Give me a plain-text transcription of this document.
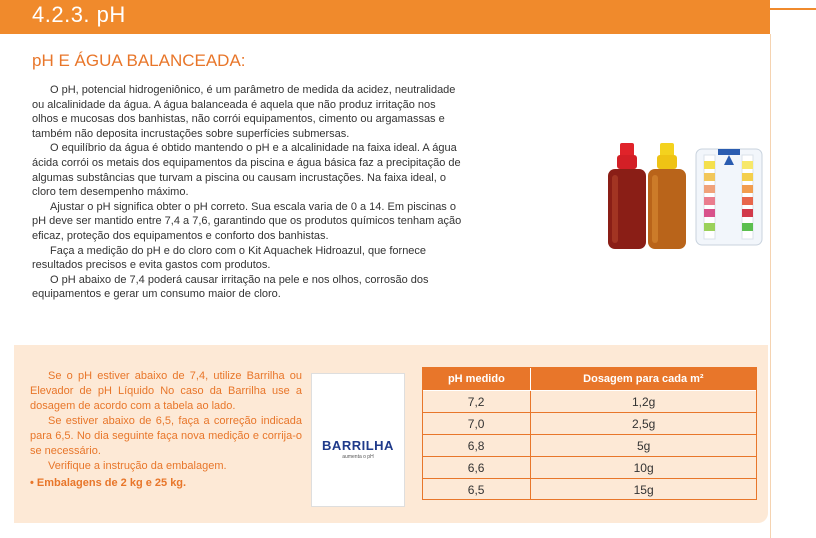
4.2.3. pH
pH E ÁGUA BALANCEADA:

O pH, potencial hidrogeniônico, é um parâmetro de medida da acidez, neutralidade ou alcalinidade da água. A água balanceada é aquela que não produz irritação nos olhos e mucosas dos banhistas, não corrói equipamentos, cimento ou argamassas e também não deposita incrustações sobre superfícies submersas.

O equilíbrio da água é obtido mantendo o pH e a alcalinidade na faixa ideal. A água ácida corrói os metais dos equipamentos da piscina e água básica faz a precipitação de algumas substâncias que turvam a piscina ou causam incrustações. Na faixa ideal, o cloro tem desempenho máximo.

Ajustar o pH significa obter o pH correto. Sua escala varia de 0 a 14. Em piscinas o pH deve ser mantido entre 7,4 a 7,6, garantindo que os produtos químicos tenham ação eficaz, proteção dos equipamentos e conforto dos banhistas.

Faça a medição do pH e do cloro com o Kit Aquachek Hidroazul, que fornece resultados precisos e evita gastos com produtos.

O pH abaixo de 7,4 poderá causar irritação na pele e nos olhos, corrosão dos equipamentos e gerar um consumo maior de cloro.

Se o pH estiver abaixo de 7,4, utilize Barrilha ou Elevador de pH Líquido No caso da Barrilha use a dosagem de acordo com a tabela ao lado.

Se estiver abaixo de 6,5, faça a correção indicada para 6,5. No dia seguinte faça nova medição e corrija-o se necessário.

Verifique a instrução da embalagem.

• Embalagens de 2 kg e 25 kg.

BARRILHA
aumenta o pH
pH medido	Dosagem para cada m²
7,2	1,2g
7,0	2,5g
6,8	5g
6,6	10g
6,5	15g
